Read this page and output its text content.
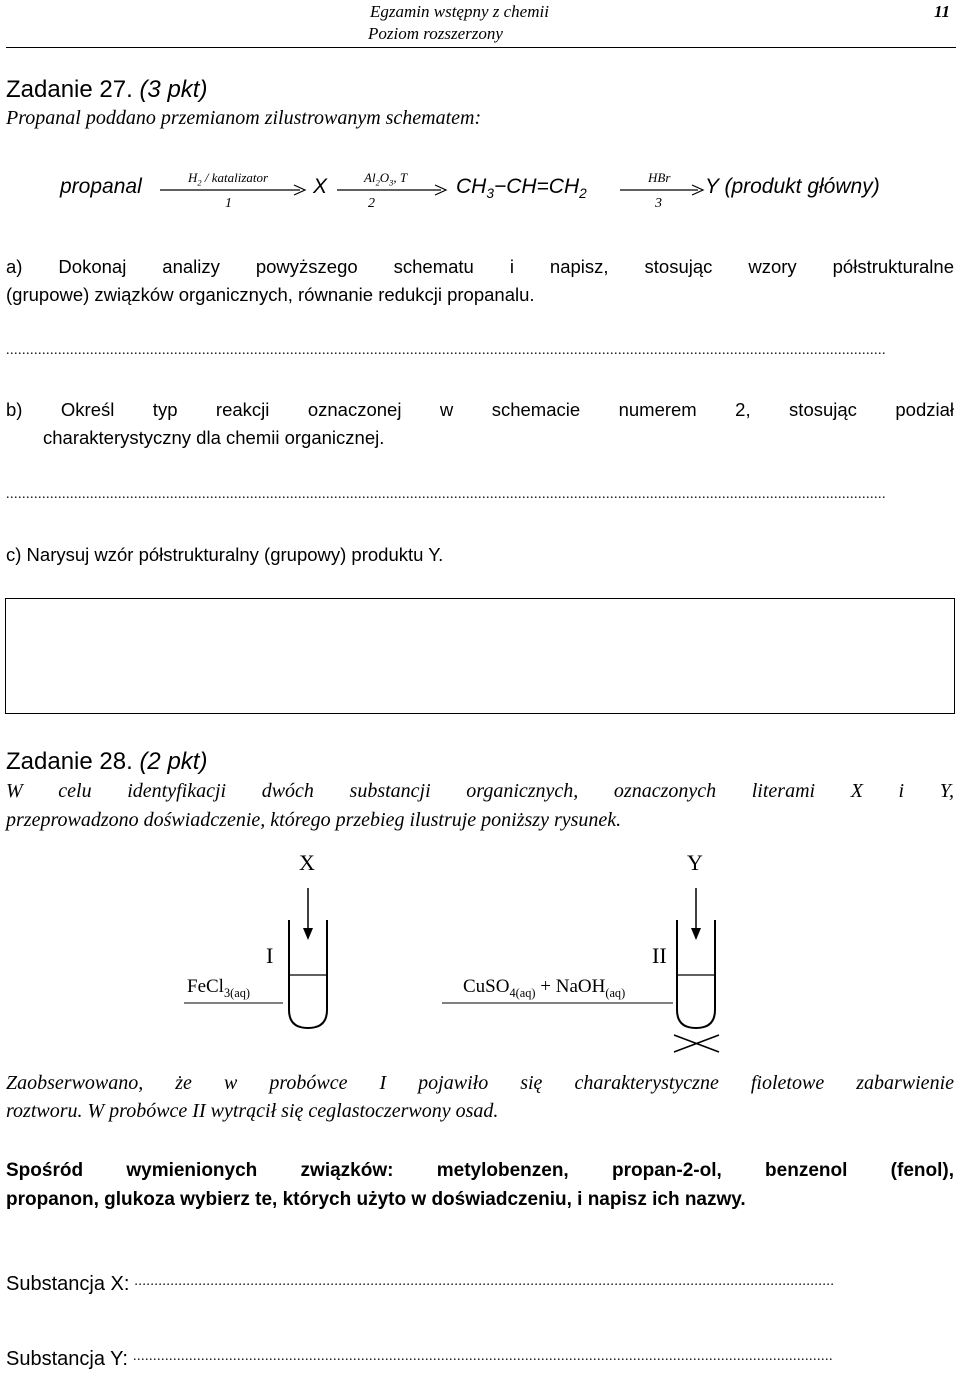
Egzamin wstępny z chemii
Poziom rozszerzony
11
Zadanie 27. (3 pkt)
Propanal poddano przemianom zilustrowanym schematem:
propanal	$H_2$ / katalizator
1
X	$Al_2O_3$, T
2
$CH_3-CH=CH_2$
HBr
3
Y (produkt główny)
a) Dokonaj analizy powyższego schematu i napisz, stosując wzory półstrukturalne
(grupowe) związków organicznych, równanie redukcji propanalu.
............................................................................................................................................................................................................................
b) Określ typ reakcji oznaczonej w schemacie numerem 2, stosując podział
charakterystyczny dla chemii organicznej.
............................................................................................................................................................................................................................
c) Narysuj wzór półstrukturalny (grupowy) produktu Y.
Zadanie 28. (2 pkt)
W celu identyfikacji dwóch substancji organicznych, oznaczonych literami X i Y,
przeprowadzono doświadczenie, którego przebieg ilustruje poniższy rysunek.
X	Y
I	II
FeCl$_{3(aq)}$	CuSO$_{4(aq)}$ + NaOH$_{(aq)}$
Zaobserwowano, że w probówce I pojawiło się charakterystyczne fioletowe zabarwienie
roztworu. W probówce II wytrącił się ceglastoczerwony osad.
Spośród wymienionych związków: metylobenzen, propan-2-ol, benzenol (fenol),
propanon, glukoza wybierz te, których użyto w doświadczeniu, i napisz ich nazwy.
Substancja X: ...............................................................................................................................................................................
Substancja Y: ...............................................................................................................................................................................
